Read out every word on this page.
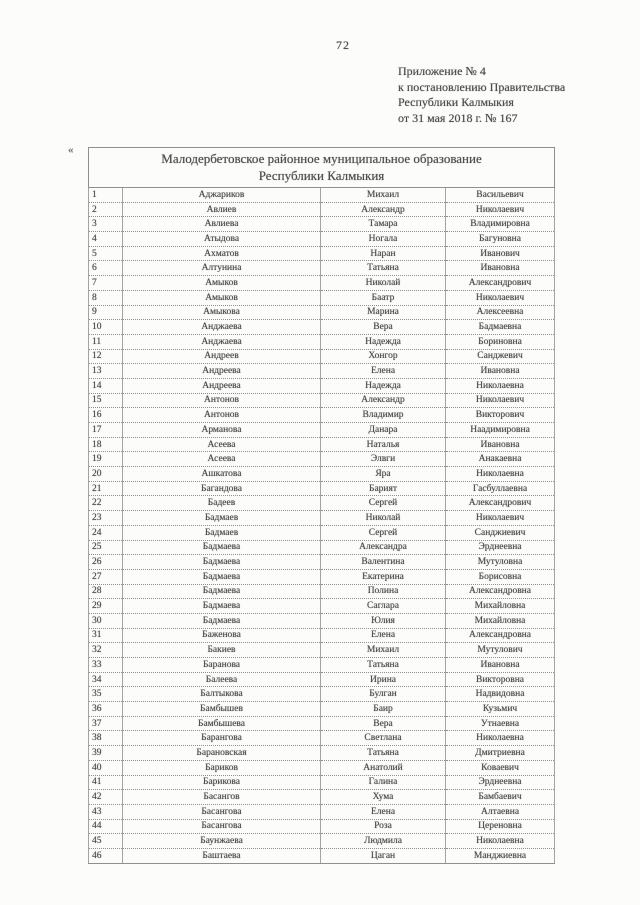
72
Приложение № 4
к постановлению Правительства
Республики Калмыкия
от 31 мая 2018 г. № 167
«
Малодербетовское районное муниципальное образование
Республики Калмыкия			

1	Аджариков	Михаил	Васильевич
2	Авлиев	Александр	Николаевич
3	Авлиева	Тамара	Владимировна
4	Атыдова	Ногала	Багуновна
5	Ахматов	Наран	Иванович
6	Алтунина	Татьяна	Ивановна
7	Амыков	Николай	Александрович
8	Амыков	Баатр	Николаевич
9	Амыкова	Марина	Алексеевна
10	Анджаева	Вера	Бадмаевна
11	Анджаева	Надежда	Бориновна
12	Андреев	Хонгор	Санджевич
13	Андреева	Елена	Ивановна
14	Андреева	Надежда	Николаевна
15	Антонов	Александр	Николаевич
16	Антонов	Владимир	Викторович
17	Арманова	Данара	Наадимировна
18	Асеева	Наталья	Ивановна
19	Асеева	Элвги	Анакаевна
20	Ашкатова	Яра	Николаевна
21	Багандова	Барият	Гасбуллаевна
22	Бадеев	Сергей	Александрович
23	Бадмаев	Николай	Николаевич
24	Бадмаев	Сергей	Санджиевич
25	Бадмаева	Александра	Эрднеевна
26	Бадмаева	Валентина	Мутуловна
27	Бадмаева	Екатерина	Борисовна
28	Бадмаева	Полина	Александровна
29	Бадмаева	Саглара	Михайловна
30	Бадмаева	Юлия	Михайловна
31	Баженова	Елена	Александровна
32	Бакиев	Михаил	Мутулович
33	Баранова	Татьяна	Ивановна
34	Балеева	Ирина	Викторовна
35	Балтыкова	Булган	Надвидовна
36	Бамбышев	Баир	Кузьмич
37	Бамбышева	Вера	Утнаевна
38	Барангова	Светлана	Николаевна
39	Барановская	Татьяна	Дмитриевна
40	Бариков	Анатолий	Коваевич
41	Барикова	Галина	Эрднеевна
42	Басангов	Хума	Бамбаевич
43	Басангова	Елена	Алтаевна
44	Басангова	Роза	Цереновна
45	Баунжаева	Людмила	Николаевна
46	Баштаева	Цаган	Манджиевна
